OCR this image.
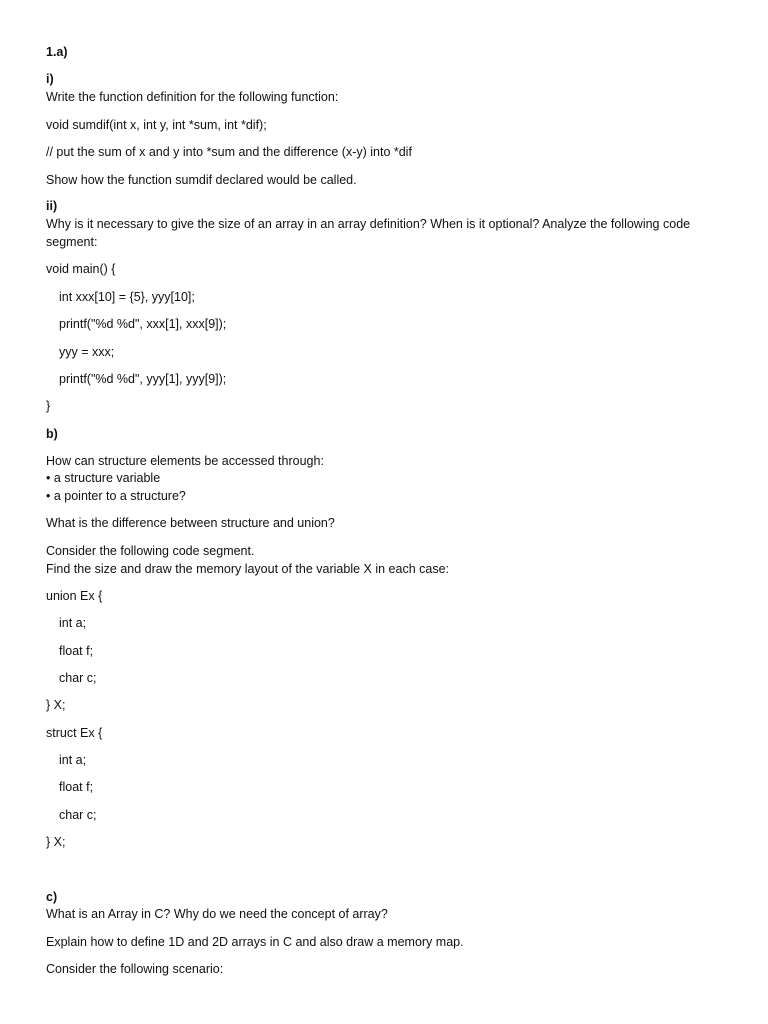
1.a)
i)
Write the function definition for the following function:
void sumdif(int x, int y, int *sum, int *dif);
// put the sum of x and y into *sum and the difference (x-y) into *dif
Show how the function sumdif declared would be called.
ii)
Why is it necessary to give the size of an array in an array definition? When is it optional? Analyze the following code
segment:
void main() {
int xxx[10] = {5}, yyy[10];
printf("%d %d", xxx[1], xxx[9]);
yyy = xxx;
printf("%d %d", yyy[1], yyy[9]);
}
b)
How can structure elements be accessed through:
• a structure variable
• a pointer to a structure?
What is the difference between structure and union?
Consider the following code segment.
Find the size and draw the memory layout of the variable X in each case:
union Ex {
int a;
float f;
char c;
} X;
struct Ex {
int a;
float f;
char c;
} X;
c)
What is an Array in C? Why do we need the concept of array?
Explain how to define 1D and 2D arrays in C and also draw a memory map.
Consider the following scenario:
